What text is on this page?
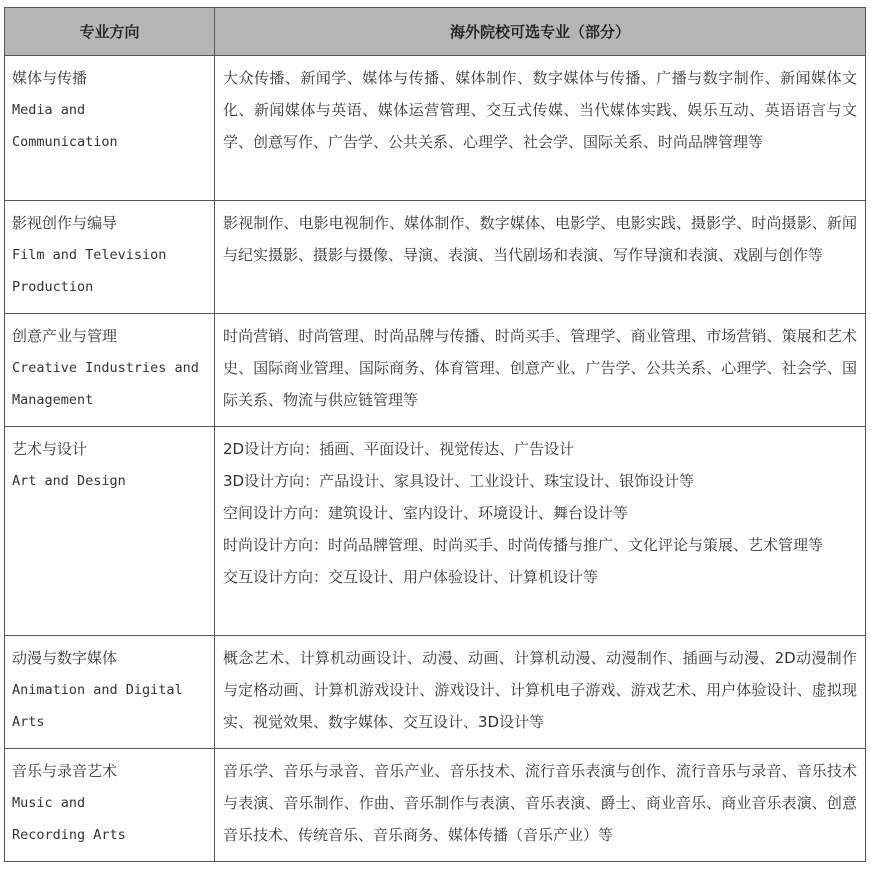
专业方向	海外院校可选专业（部分）

媒体与传播
Media and
Communication	大众传播、新闻学、媒体与传播、媒体制作、数字媒体与传播、广播与数字制作、新闻媒体文化、新闻媒体与英语、媒体运营管理、交互式传媒、当代媒体实践、娱乐互动、英语语言与文学、创意写作、广告学、公共关系、心理学、社会学、国际关系、时尚品牌管理等

影视创作与编导
Film and Television
Production	影视制作、电影电视制作、媒体制作、数字媒体、电影学、电影实践、摄影学、时尚摄影、新闻与纪实摄影、摄影与摄像、导演、表演、当代剧场和表演、写作导演和表演、戏剧与创作等

创意产业与管理
Creative Industries and
Management	时尚营销、时尚管理、时尚品牌与传播、时尚买手、管理学、商业管理、市场营销、策展和艺术史、国际商业管理、国际商务、体育管理、创意产业、广告学、公共关系、心理学、社会学、国际关系、物流与供应链管理等

艺术与设计
Art and Design	2D设计方向：插画、平面设计、视觉传达、广告设计
3D设计方向：产品设计、家具设计、工业设计、珠宝设计、银饰设计等
空间设计方向：建筑设计、室内设计、环境设计、舞台设计等
时尚设计方向：时尚品牌管理、时尚买手、时尚传播与推广、文化评论与策展、艺术管理等
交互设计方向：交互设计、用户体验设计、计算机设计等

动漫与数字媒体
Animation and Digital
Arts	概念艺术、计算机动画设计、动漫、动画、计算机动漫、动漫制作、插画与动漫、2D动漫制作与定格动画、计算机游戏设计、游戏设计、计算机电子游戏、游戏艺术、用户体验设计、虚拟现实、视觉效果、数字媒体、交互设计、3D设计等

音乐与录音艺术
Music and
Recording Arts	音乐学、音乐与录音、音乐产业、音乐技术、流行音乐表演与创作、流行音乐与录音、音乐技术与表演、音乐制作、作曲、音乐制作与表演、音乐表演、爵士、商业音乐、商业音乐表演、创意音乐技术、传统音乐、音乐商务、媒体传播（音乐产业）等
